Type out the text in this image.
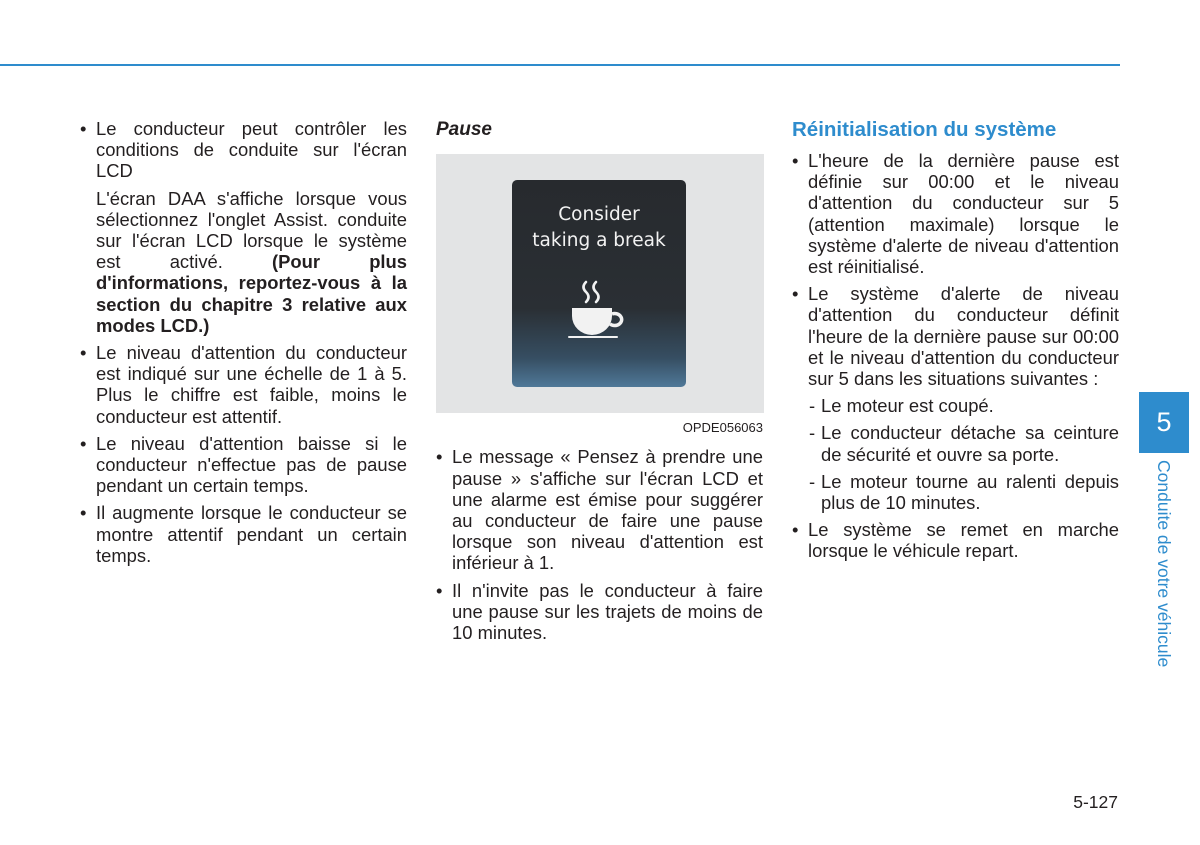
• Le conducteur peut contrôler les conditions de conduite sur l'écran LCD
L'écran DAA s'affiche lorsque vous sélectionnez l'onglet Assist. conduite sur l'écran LCD lorsque le système est activé. (Pour plus d'informations, reportez-vous à la section du chapitre 3 relative aux modes LCD.)
• Le niveau d'attention du conducteur est indiqué sur une échelle de 1 à 5. Plus le chiffre est faible, moins le conducteur est attentif.
• Le niveau d'attention baisse si le conducteur n'effectue pas de pause pendant un certain temps.
• Il augmente lorsque le conducteur se montre attentif pendant un certain temps.
Pause
Consider
taking a break
OPDE056063
• Le message « Pensez à prendre une pause » s'affiche sur l'écran LCD et une alarme est émise pour suggérer au conducteur de faire une pause lorsque son niveau d'attention est inférieur à 1.
• Il n'invite pas le conducteur à faire une pause sur les trajets de moins de 10 minutes.
Réinitialisation du système
• L'heure de la dernière pause est définie sur 00:00 et le niveau d'attention du conducteur sur 5 (attention maximale) lorsque le système d'alerte de niveau d'attention est réinitialisé.
• Le système d'alerte de niveau d'attention du conducteur définit l'heure de la dernière pause sur 00:00 et le niveau d'attention du conducteur sur 5 dans les situations suivantes :
- Le moteur est coupé.
- Le conducteur détache sa ceinture de sécurité et ouvre sa porte.
- Le moteur tourne au ralenti depuis plus de 10 minutes.
• Le système se remet en marche lorsque le véhicule repart.
5
Conduite de votre véhicule
5-127
